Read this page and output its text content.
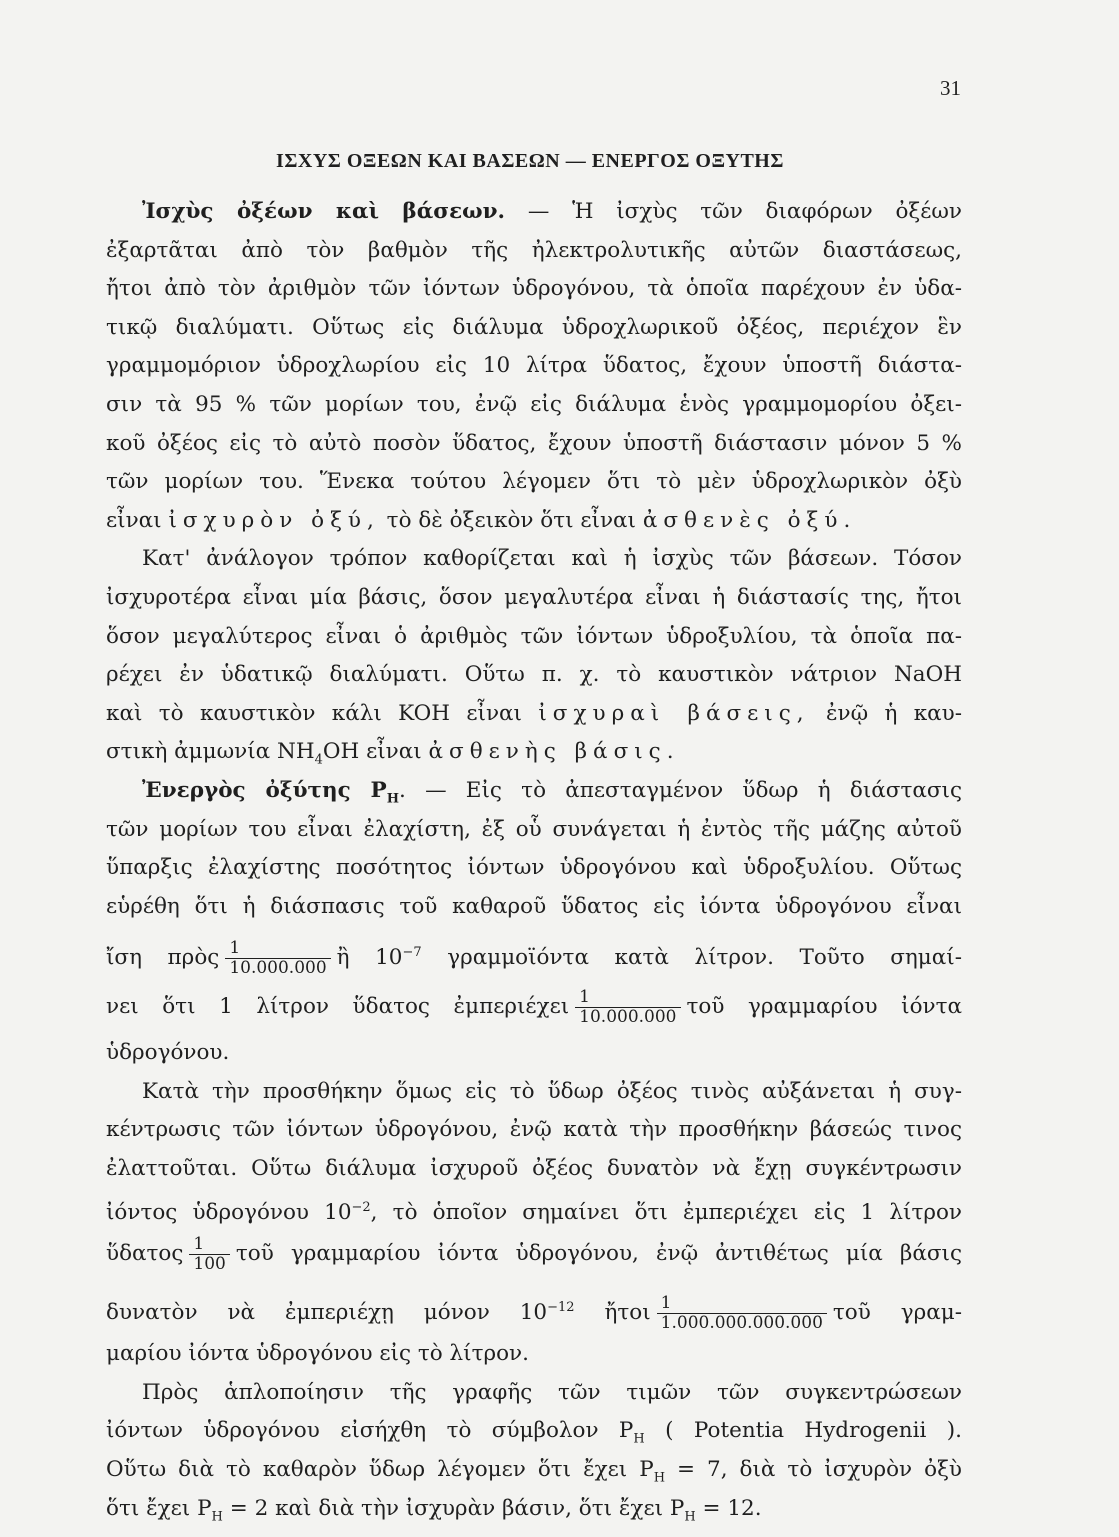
31
ΙΣΧΥΣ ΟΞΕΩΝ ΚΑΙ ΒΑΣΕΩΝ — ΕΝΕΡΓΟΣ ΟΞΥΤΗΣ
Ἰσχὺς ὀξέων καὶ βάσεων. — Ἡ ἰσχὺς τῶν διαφόρων ὀξέων
ἐξαρτᾶται ἀπὸ τὸν βαθμὸν τῆς ἠλεκτρολυτικῆς αὐτῶν διαστάσεως,
ἤτοι ἀπὸ τὸν ἀριθμὸν τῶν ἰόντων ὑδρογόνου, τὰ ὁποῖα παρέχουν ἐν ὑδα-
τικῷ διαλύματι. Οὕτως εἰς διάλυμα ὑδροχλωρικοῦ ὀξέος, περιέχον ἓν
γραμμομόριον ὑδροχλωρίου εἰς 10 λίτρα ὕδατος, ἔχουν ὑποστῆ διάστα-
σιν τὰ 95 % τῶν μορίων του, ἐνῷ εἰς διάλυμα ἑνὸς γραμμομορίου ὀξει-
κοῦ ὀξέος εἰς τὸ αὐτὸ ποσὸν ὕδατος, ἔχουν ὑποστῆ διάστασιν μόνον 5 %
τῶν μορίων του. Ἕνεκα τούτου λέγομεν ὅτι τὸ μὲν ὑδροχλωρικὸν ὀξὺ
εἶναι ἰσχυρὸν ὀξύ, τὸ δὲ ὀξεικὸν ὅτι εἶναι ἀσθενὲς ὀξύ.
Κατ' ἀνάλογον τρόπον καθορίζεται καὶ ἡ ἰσχὺς τῶν βάσεων. Τόσον
ἰσχυροτέρα εἶναι μία βάσις, ὅσον μεγαλυτέρα εἶναι ἡ διάστασίς της, ἤτοι
ὅσον μεγαλύτερος εἶναι ὁ ἀριθμὸς τῶν ἰόντων ὑδροξυλίου, τὰ ὁποῖα πα-
ρέχει ἐν ὑδατικῷ διαλύματι. Οὕτω π. χ. τὸ καυστικὸν νάτριον NaOH
καὶ τὸ καυστικὸν κάλι KOH εἶναι ἰσχυραὶ βάσεις, ἐνῷ ἡ καυ-
στικὴ ἀμμωνία $NH_4OH$ εἶναι ἀσθενὴς βάσις.
Ἐνεργὸς ὀξύτης $P_H$. — Εἰς τὸ ἀπεσταγμένον ὕδωρ ἡ διάστασις
τῶν μορίων του εἶναι ἐλαχίστη, ἐξ οὗ συνάγεται ἡ ἐντὸς τῆς μάζης αὐτοῦ
ὕπαρξις ἐλαχίστης ποσότητος ἰόντων ὑδρογόνου καὶ ὑδροξυλίου. Οὕτως
εὑρέθη ὅτι ἡ διάσπασις τοῦ καθαροῦ ὕδατος εἰς ἰόντα ὑδρογόνου εἶναι
ἴση πρὸς $\frac{1}{10.000.000}$ ἢ $10^{-7}$ γραμμοϊόντα κατὰ λίτρον. Τοῦτο σημαί-
νει ὅτι 1 λίτρον ὕδατος ἐμπεριέχει $\frac{1}{10.000.000}$ τοῦ γραμμαρίου ἰόντα
ὑδρογόνου.
Κατὰ τὴν προσθήκην ὅμως εἰς τὸ ὕδωρ ὀξέος τινὸς αὐξάνεται ἡ συγ-
κέντρωσις τῶν ἰόντων ὑδρογόνου, ἐνῷ κατὰ τὴν προσθήκην βάσεώς τινος
ἐλαττοῦται. Οὕτω διάλυμα ἰσχυροῦ ὀξέος δυνατὸν νὰ ἔχῃ συγκέντρωσιν
ἰόντος ὑδρογόνου $10^{-2}$, τὸ ὁποῖον σημαίνει ὅτι ἐμπεριέχει εἰς 1 λίτρον
ὕδατος $\frac{1}{100}$ τοῦ γραμμαρίου ἰόντα ὑδρογόνου, ἐνῷ ἀντιθέτως μία βάσις
δυνατὸν νὰ ἐμπεριέχῃ μόνον $10^{-12}$ ἤτοι $\frac{1}{1.000.000.000.000}$ τοῦ γραμ-
μαρίου ἰόντα ὑδρογόνου εἰς τὸ λίτρον.
Πρὸς ἁπλοποίησιν τῆς γραφῆς τῶν τιμῶν τῶν συγκεντρώσεων
ἰόντων ὑδρογόνου εἰσήχθη τὸ σύμβολον $P_H$ ( Potentia Hydrogenii ).
Οὕτω διὰ τὸ καθαρὸν ὕδωρ λέγομεν ὅτι ἔχει $P_H = 7$, διὰ τὸ ἰσχυρὸν ὀξὺ
ὅτι ἔχει $P_H = 2$ καὶ διὰ τὴν ἰσχυρὰν βάσιν, ὅτι ἔχει $P_H = 12$.
